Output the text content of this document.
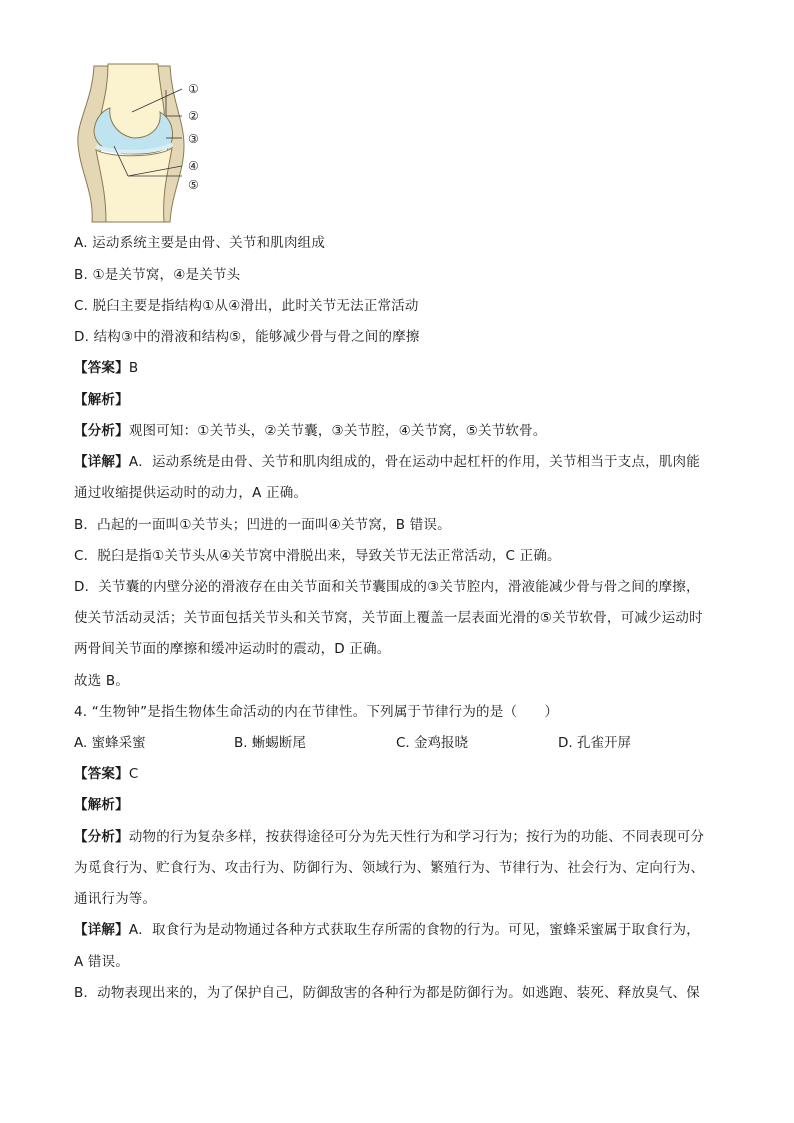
①
②
③
④
⑤
A. 运动系统主要是由骨、关节和肌肉组成
B. ①是关节窝，④是关节头
C. 脱臼主要是指结构①从④滑出，此时关节无法正常活动
D. 结构③中的滑液和结构⑤，能够减少骨与骨之间的摩擦
【答案】B
【解析】
【分析】观图可知：①关节头，②关节囊，③关节腔，④关节窝，⑤关节软骨。
【详解】A．运动系统是由骨、关节和肌肉组成的，骨在运动中起杠杆的作用，关节相当于支点，肌肉能
通过收缩提供运动时的动力，A 正确。
B．凸起的一面叫①关节头；凹进的一面叫④关节窝，B 错误。
C．脱臼是指①关节头从④关节窝中滑脱出来，导致关节无法正常活动，C 正确。
D．关节囊的内壁分泌的滑液存在由关节面和关节囊围成的③关节腔内，滑液能减少骨与骨之间的摩擦，
使关节活动灵活；关节面包括关节头和关节窝，关节面上覆盖一层表面光滑的⑤关节软骨，可减少运动时
两骨间关节面的摩擦和缓冲运动时的震动，D 正确。
故选 B。
4. “生物钟”是指生物体生命活动的内在节律性。下列属于节律行为的是（　　）
A. 蜜蜂采蜜	B. 蜥蜴断尾	C. 金鸡报晓	D. 孔雀开屏
【答案】C
【解析】
【分析】动物的行为复杂多样，按获得途径可分为先天性行为和学习行为；按行为的功能、不同表现可分
为觅食行为、贮食行为、攻击行为、防御行为、领域行为、繁殖行为、节律行为、社会行为、定向行为、
通讯行为等。
【详解】A．取食行为是动物通过各种方式获取生存所需的食物的行为。可见，蜜蜂采蜜属于取食行为，
A 错误。
B．动物表现出来的，为了保护自己，防御敌害的各种行为都是防御行为。如逃跑、装死、释放臭气、保
